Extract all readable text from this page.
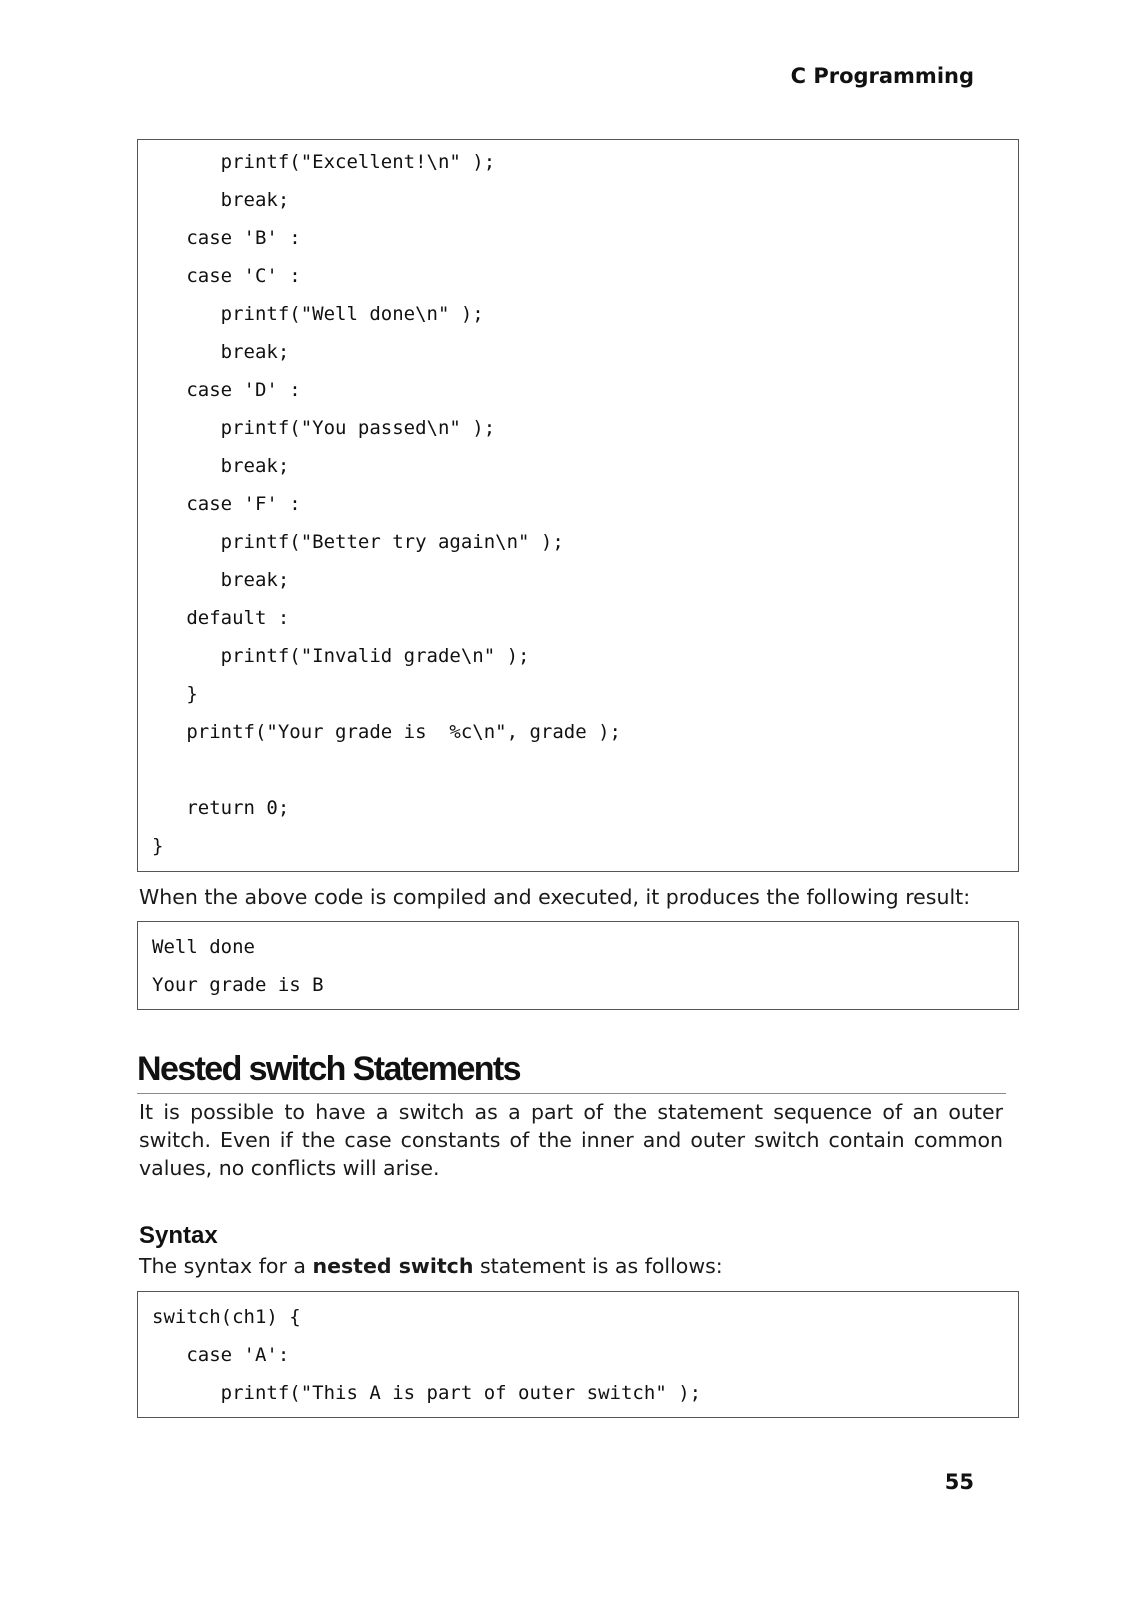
C Programming
printf("Excellent!\n" );
break;
case 'B' :
case 'C' :
printf("Well done\n" );
break;
case 'D' :
printf("You passed\n" );
break;
case 'F' :
printf("Better try again\n" );
break;
default :
printf("Invalid grade\n" );
}
printf("Your grade is  %c\n", grade );
return 0;
}
When the above code is compiled and executed, it produces the following result:
Well done
Your grade is B
Nested switch Statements
It is possible to have a switch as a part of the statement sequence of an outer switch. Even if the case constants of the inner and outer switch contain common values, no conflicts will arise.
Syntax
The syntax for a nested switch statement is as follows:
switch(ch1) {
case 'A':
printf("This A is part of outer switch" );
55
